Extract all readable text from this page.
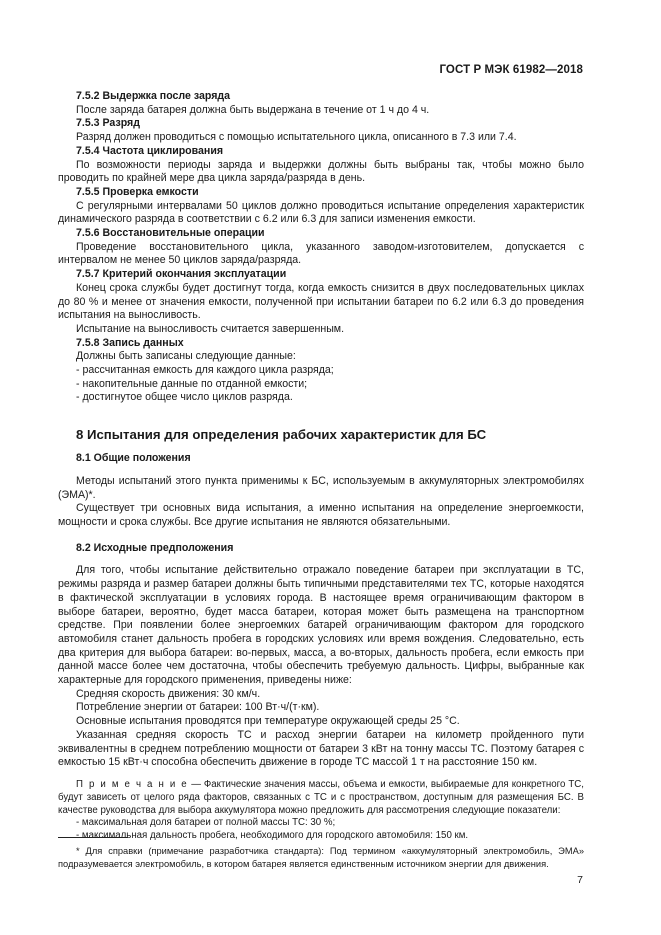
ГОСТ Р МЭК 61982—2018

7.5.2 Выдержка после заряда

После заряда батарея должна быть выдержана в течение от 1 ч до 4 ч.

7.5.3 Разряд

Разряд должен проводиться с помощью испытательного цикла, описанного в 7.3 или 7.4.

7.5.4 Частота циклирования

По возможности периоды заряда и выдержки должны быть выбраны так, чтобы можно было проводить по крайней мере два цикла заряда/разряда в день.

7.5.5 Проверка емкости

С регулярными интервалами 50 циклов должно проводиться испытание определения характеристик динамического разряда в соответствии с 6.2 или 6.3 для записи изменения емкости.

7.5.6 Восстановительные операции

Проведение восстановительного цикла, указанного заводом-изготовителем, допускается с интервалом не менее 50 циклов заряда/разряда.

7.5.7 Критерий окончания эксплуатации

Конец срока службы будет достигнут тогда, когда емкость снизится в двух последовательных циклах до 80 % и менее от значения емкости, полученной при испытании батареи по 6.2 или 6.3 до проведения испытания на выносливость.

Испытание на выносливость считается завершенным.

7.5.8 Запись данных

Должны быть записаны следующие данные:

- рассчитанная емкость для каждого цикла разряда;

- накопительные данные по отданной емкости;

- достигнутое общее число циклов разряда.

8 Испытания для определения рабочих характеристик для БС

8.1 Общие положения

Методы испытаний этого пункта применимы к БС, используемым в аккумуляторных электромобилях (ЭМА)*.

Существует три основных вида испытания, а именно испытания на определение энергоемкости, мощности и срока службы. Все другие испытания не являются обязательными.

8.2 Исходные предположения

Для того, чтобы испытание действительно отражало поведение батареи при эксплуатации в ТС, режимы разряда и размер батареи должны быть типичными представителями тех ТС, которые находятся в фактической эксплуатации в условиях города. В настоящее время ограничивающим фактором в выборе батареи, вероятно, будет масса батареи, которая может быть размещена на транспортном средстве. При появлении более энергоемких батарей ограничивающим фактором для городского автомобиля станет дальность пробега в городских условиях или время вождения. Следовательно, есть два критерия для выбора батареи: во-первых, масса, а во-вторых, дальность пробега, если емкость при данной массе более чем достаточна, чтобы обеспечить требуемую дальность. Цифры, выбранные как характерные для городского применения, приведены ниже:

Средняя скорость движения: 30 км/ч.

Потребление энергии от батареи: 100 Вт·ч/(т·км).

Основные испытания проводятся при температуре окружающей среды 25 °С.

Указанная средняя скорость ТС и расход энергии батареи на километр пройденного пути эквивалентны в среднем потреблению мощности от батареи 3 кВт на тонну массы ТС. Поэтому батарея с емкостью 15 кВт·ч способна обеспечить движение в городе ТС массой 1 т на расстояние 150 км.

П р и м е ч а н и е — Фактические значения массы, объема и емкости, выбираемые для конкретного ТС, будут зависеть от целого ряда факторов, связанных с ТС и с пространством, доступным для размещения БС. В качестве руководства для выбора аккумулятора можно предложить для рассмотрения следующие показатели:

- максимальная доля батареи от полной массы ТС: 30 %;

- максимальная дальность пробега, необходимого для городского автомобиля: 150 км.

* Для справки (примечание разработчика стандарта): Под термином «аккумуляторный электромобиль, ЭМА» подразумевается электромобиль, в котором батарея является единственным источником энергии для движения.

7
